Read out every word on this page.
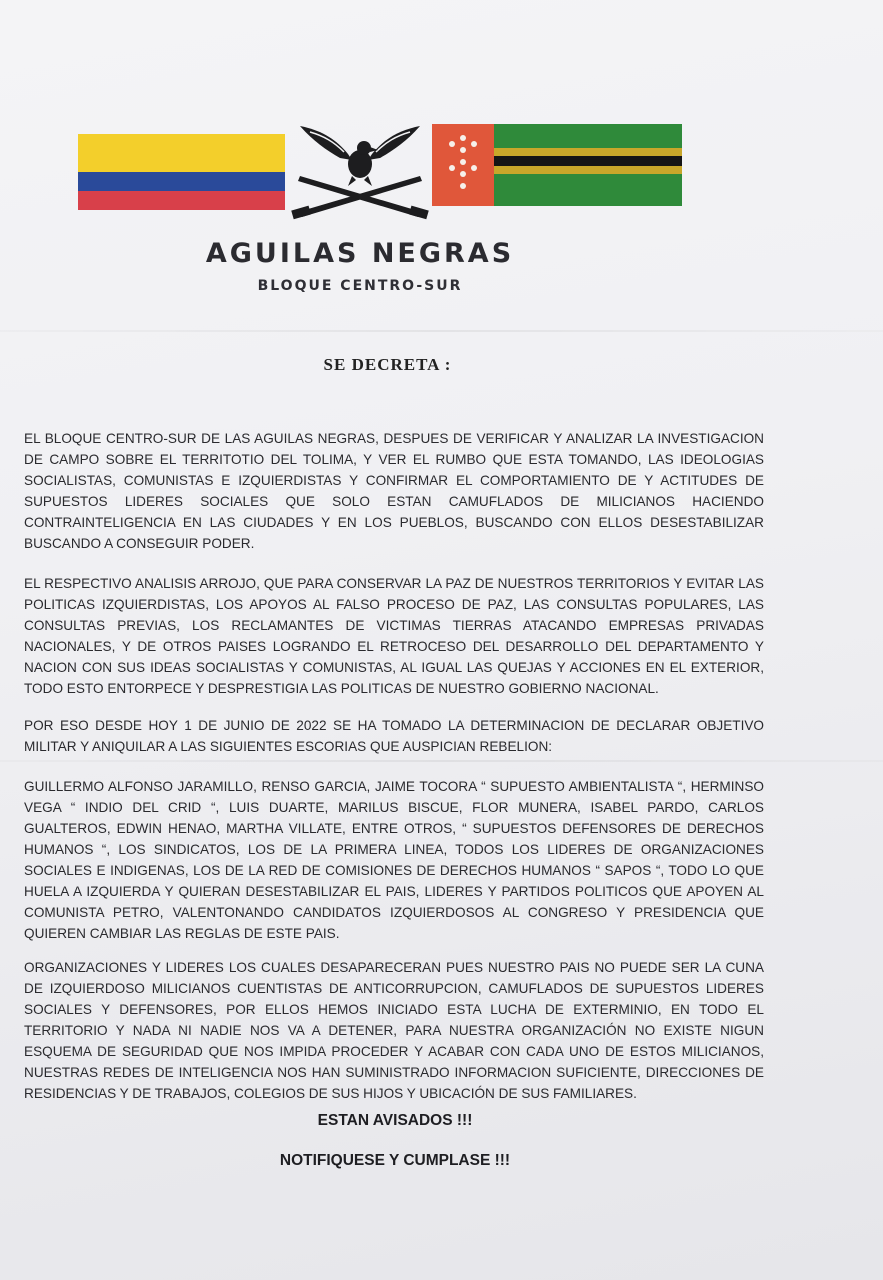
AGUILAS NEGRAS
BLOQUE CENTRO-SUR
SE DECRETA :

EL BLOQUE CENTRO-SUR DE LAS AGUILAS NEGRAS, DESPUES DE VERIFICAR Y ANALIZAR LA INVESTIGACION DE CAMPO SOBRE EL TERRITOTIO DEL TOLIMA, Y VER EL RUMBO QUE ESTA TOMANDO, LAS IDEOLOGIAS SOCIALISTAS, COMUNISTAS E IZQUIERDISTAS Y CONFIRMAR EL COMPORTAMIENTO DE Y ACTITUDES DE SUPUESTOS LIDERES SOCIALES QUE SOLO ESTAN CAMUFLADOS DE MILICIANOS HACIENDO CONTRAINTELIGENCIA EN LAS CIUDADES Y EN LOS PUEBLOS, BUSCANDO CON ELLOS DESESTABILIZAR BUSCANDO A CONSEGUIR PODER.

EL RESPECTIVO ANALISIS ARROJO, QUE PARA CONSERVAR LA PAZ DE NUESTROS TERRITORIOS Y EVITAR LAS POLITICAS IZQUIERDISTAS, LOS APOYOS AL FALSO PROCESO DE PAZ, LAS CONSULTAS POPULARES, LAS CONSULTAS PREVIAS, LOS RECLAMANTES DE VICTIMAS TIERRAS ATACANDO EMPRESAS PRIVADAS NACIONALES, Y DE OTROS PAISES LOGRANDO EL RETROCESO DEL DESARROLLO DEL DEPARTAMENTO Y NACION CON SUS IDEAS SOCIALISTAS Y COMUNISTAS, AL IGUAL LAS QUEJAS Y ACCIONES EN EL EXTERIOR, TODO ESTO ENTORPECE Y DESPRESTIGIA LAS POLITICAS DE NUESTRO GOBIERNO NACIONAL.

POR ESO DESDE HOY 1 DE JUNIO DE 2022 SE HA TOMADO LA DETERMINACION DE DECLARAR OBJETIVO MILITAR Y ANIQUILAR A LAS SIGUIENTES ESCORIAS QUE AUSPICIAN REBELION:

GUILLERMO ALFONSO JARAMILLO, RENSO GARCIA, JAIME TOCORA “ SUPUESTO AMBIENTALISTA “, HERMINSO VEGA “ INDIO DEL CRID “, LUIS DUARTE, MARILUS BISCUE, FLOR MUNERA, ISABEL PARDO, CARLOS GUALTEROS, EDWIN HENAO, MARTHA VILLATE, ENTRE OTROS, “ SUPUESTOS DEFENSORES DE DERECHOS HUMANOS “, LOS SINDICATOS, LOS DE LA PRIMERA LINEA, TODOS LOS LIDERES DE ORGANIZACIONES SOCIALES E INDIGENAS, LOS DE LA RED DE COMISIONES DE DERECHOS HUMANOS “ SAPOS “, TODO LO QUE HUELA A IZQUIERDA Y QUIERAN DESESTABILIZAR EL PAIS, LIDERES Y PARTIDOS POLITICOS QUE APOYEN AL COMUNISTA PETRO, VALENTONANDO CANDIDATOS IZQUIERDOSOS AL CONGRESO Y PRESIDENCIA QUE QUIEREN CAMBIAR LAS REGLAS DE ESTE PAIS.

ORGANIZACIONES Y LIDERES LOS CUALES DESAPARECERAN PUES NUESTRO PAIS NO PUEDE SER LA CUNA DE IZQUIERDOSO MILICIANOS CUENTISTAS DE ANTICORRUPCION, CAMUFLADOS DE SUPUESTOS LIDERES SOCIALES Y DEFENSORES, POR ELLOS HEMOS INICIADO ESTA LUCHA DE EXTERMINIO, EN TODO EL TERRITORIO Y NADA NI NADIE NOS VA A DETENER, PARA NUESTRA ORGANIZACIÓN NO EXISTE NIGUN ESQUEMA DE SEGURIDAD QUE NOS IMPIDA PROCEDER Y ACABAR CON CADA UNO DE ESTOS MILICIANOS, NUESTRAS REDES DE INTELIGENCIA NOS HAN SUMINISTRADO INFORMACION SUFICIENTE, DIRECCIONES DE RESIDENCIAS Y DE TRABAJOS, COLEGIOS DE SUS HIJOS Y UBICACIÓN DE SUS FAMILIARES.

ESTAN AVISADOS !!!
NOTIFIQUESE Y CUMPLASE !!!
